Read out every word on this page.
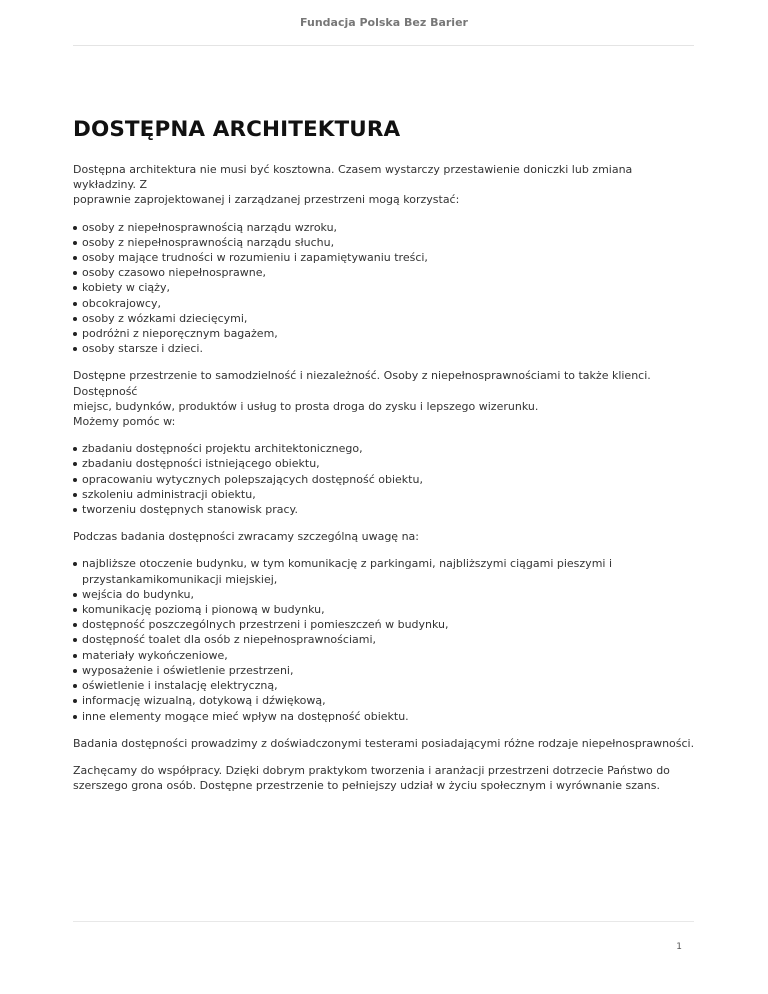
Fundacja Polska Bez Barier
DOSTĘPNA ARCHITEKTURA

Dostępna architektura nie musi być kosztowna. Czasem wystarczy przestawienie doniczki lub zmiana wykładziny. Z
poprawnie zaprojektowanej i zarządzanej przestrzeni mogą korzystać:

osoby z niepełnosprawnością narządu wzroku,
osoby z niepełnosprawnością narządu słuchu,
osoby mające trudności w rozumieniu i zapamiętywaniu treści,
osoby czasowo niepełnosprawne,
kobiety w ciąży,
obcokrajowcy,
osoby z wózkami dziecięcymi,
podróżni z nieporęcznym bagażem,
osoby starsze i dzieci.

Dostępne przestrzenie to samodzielność i niezależność. Osoby z niepełnosprawnościami to także klienci. Dostępność
miejsc, budynków, produktów i usług to prosta droga do zysku i lepszego wizerunku.
Możemy pomóc w:

zbadaniu dostępności projektu architektonicznego,
zbadaniu dostępności istniejącego obiektu,
opracowaniu wytycznych polepszających dostępność obiektu,
szkoleniu administracji obiektu,
tworzeniu dostępnych stanowisk pracy.

Podczas badania dostępności zwracamy szczególną uwagę na:

najbliższe otoczenie budynku, w tym komunikację z parkingami, najbliższymi ciągami pieszymi i przystankamikomunikacji miejskiej,
wejścia do budynku,
komunikację poziomą i pionową w budynku,
dostępność poszczególnych przestrzeni i pomieszczeń w budynku,
dostępność toalet dla osób z niepełnosprawnościami,
materiały wykończeniowe,
wyposażenie i oświetlenie przestrzeni,
oświetlenie i instalację elektryczną,
informację wizualną, dotykową i dźwiękową,
inne elementy mogące mieć wpływ na dostępność obiektu.

Badania dostępności prowadzimy z doświadczonymi testerami posiadającymi różne rodzaje niepełnosprawności.

Zachęcamy do współpracy. Dzięki dobrym praktykom tworzenia i aranżacji przestrzeni dotrzecie Państwo do
szerszego grona osób. Dostępne przestrzenie to pełniejszy udział w życiu społecznym i wyrównanie szans.

1
